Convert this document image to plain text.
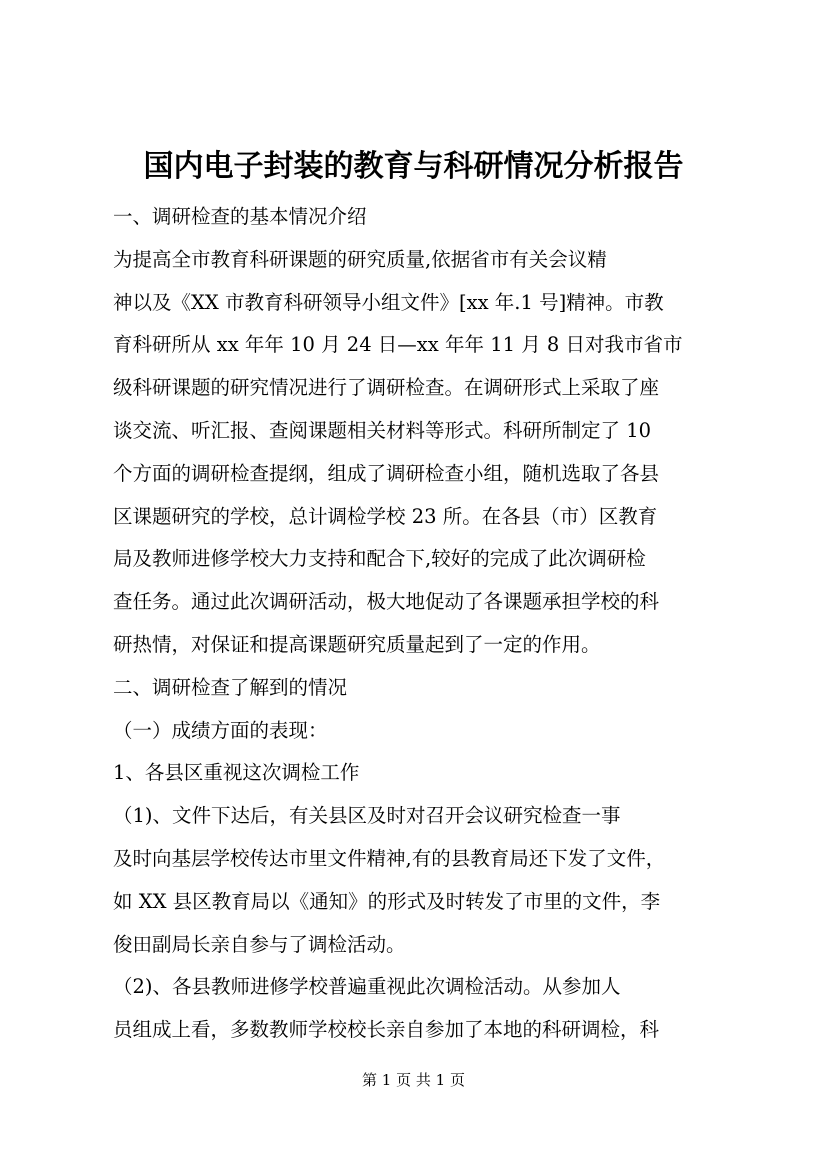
国内电子封装的教育与科研情况分析报告
一、调研检查的基本情况介绍
为提高全市教育科研课题的研究质量,依据省市有关会议精
神以及《XX 市教育科研领导小组文件》[xx 年.1 号]精神。市教
育科研所从 xx 年年 10 月 24 日—xx 年年 11 月 8 日对我市省市
级科研课题的研究情况进行了调研检查。在调研形式上采取了座
谈交流、听汇报、查阅课题相关材料等形式。科研所制定了 10
个方面的调研检查提纲，组成了调研检查小组，随机选取了各县
区课题研究的学校，总计调检学校 23 所。在各县（市）区教育
局及教师进修学校大力支持和配合下,较好的完成了此次调研检
查任务。通过此次调研活动，极大地促动了各课题承担学校的科
研热情，对保证和提高课题研究质量起到了一定的作用。
二、调研检查了解到的情况
（一）成绩方面的表现：
1、各县区重视这次调检工作
（1)、文件下达后，有关县区及时对召开会议研究检查一事
及时向基层学校传达市里文件精神,有的县教育局还下发了文件，
如 XX 县区教育局以《通知》的形式及时转发了市里的文件，李
俊田副局长亲自参与了调检活动。
（2)、各县教师进修学校普遍重视此次调检活动。从参加人
员组成上看，多数教师学校校长亲自参加了本地的科研调检，科
第 1 页 共 1 页
